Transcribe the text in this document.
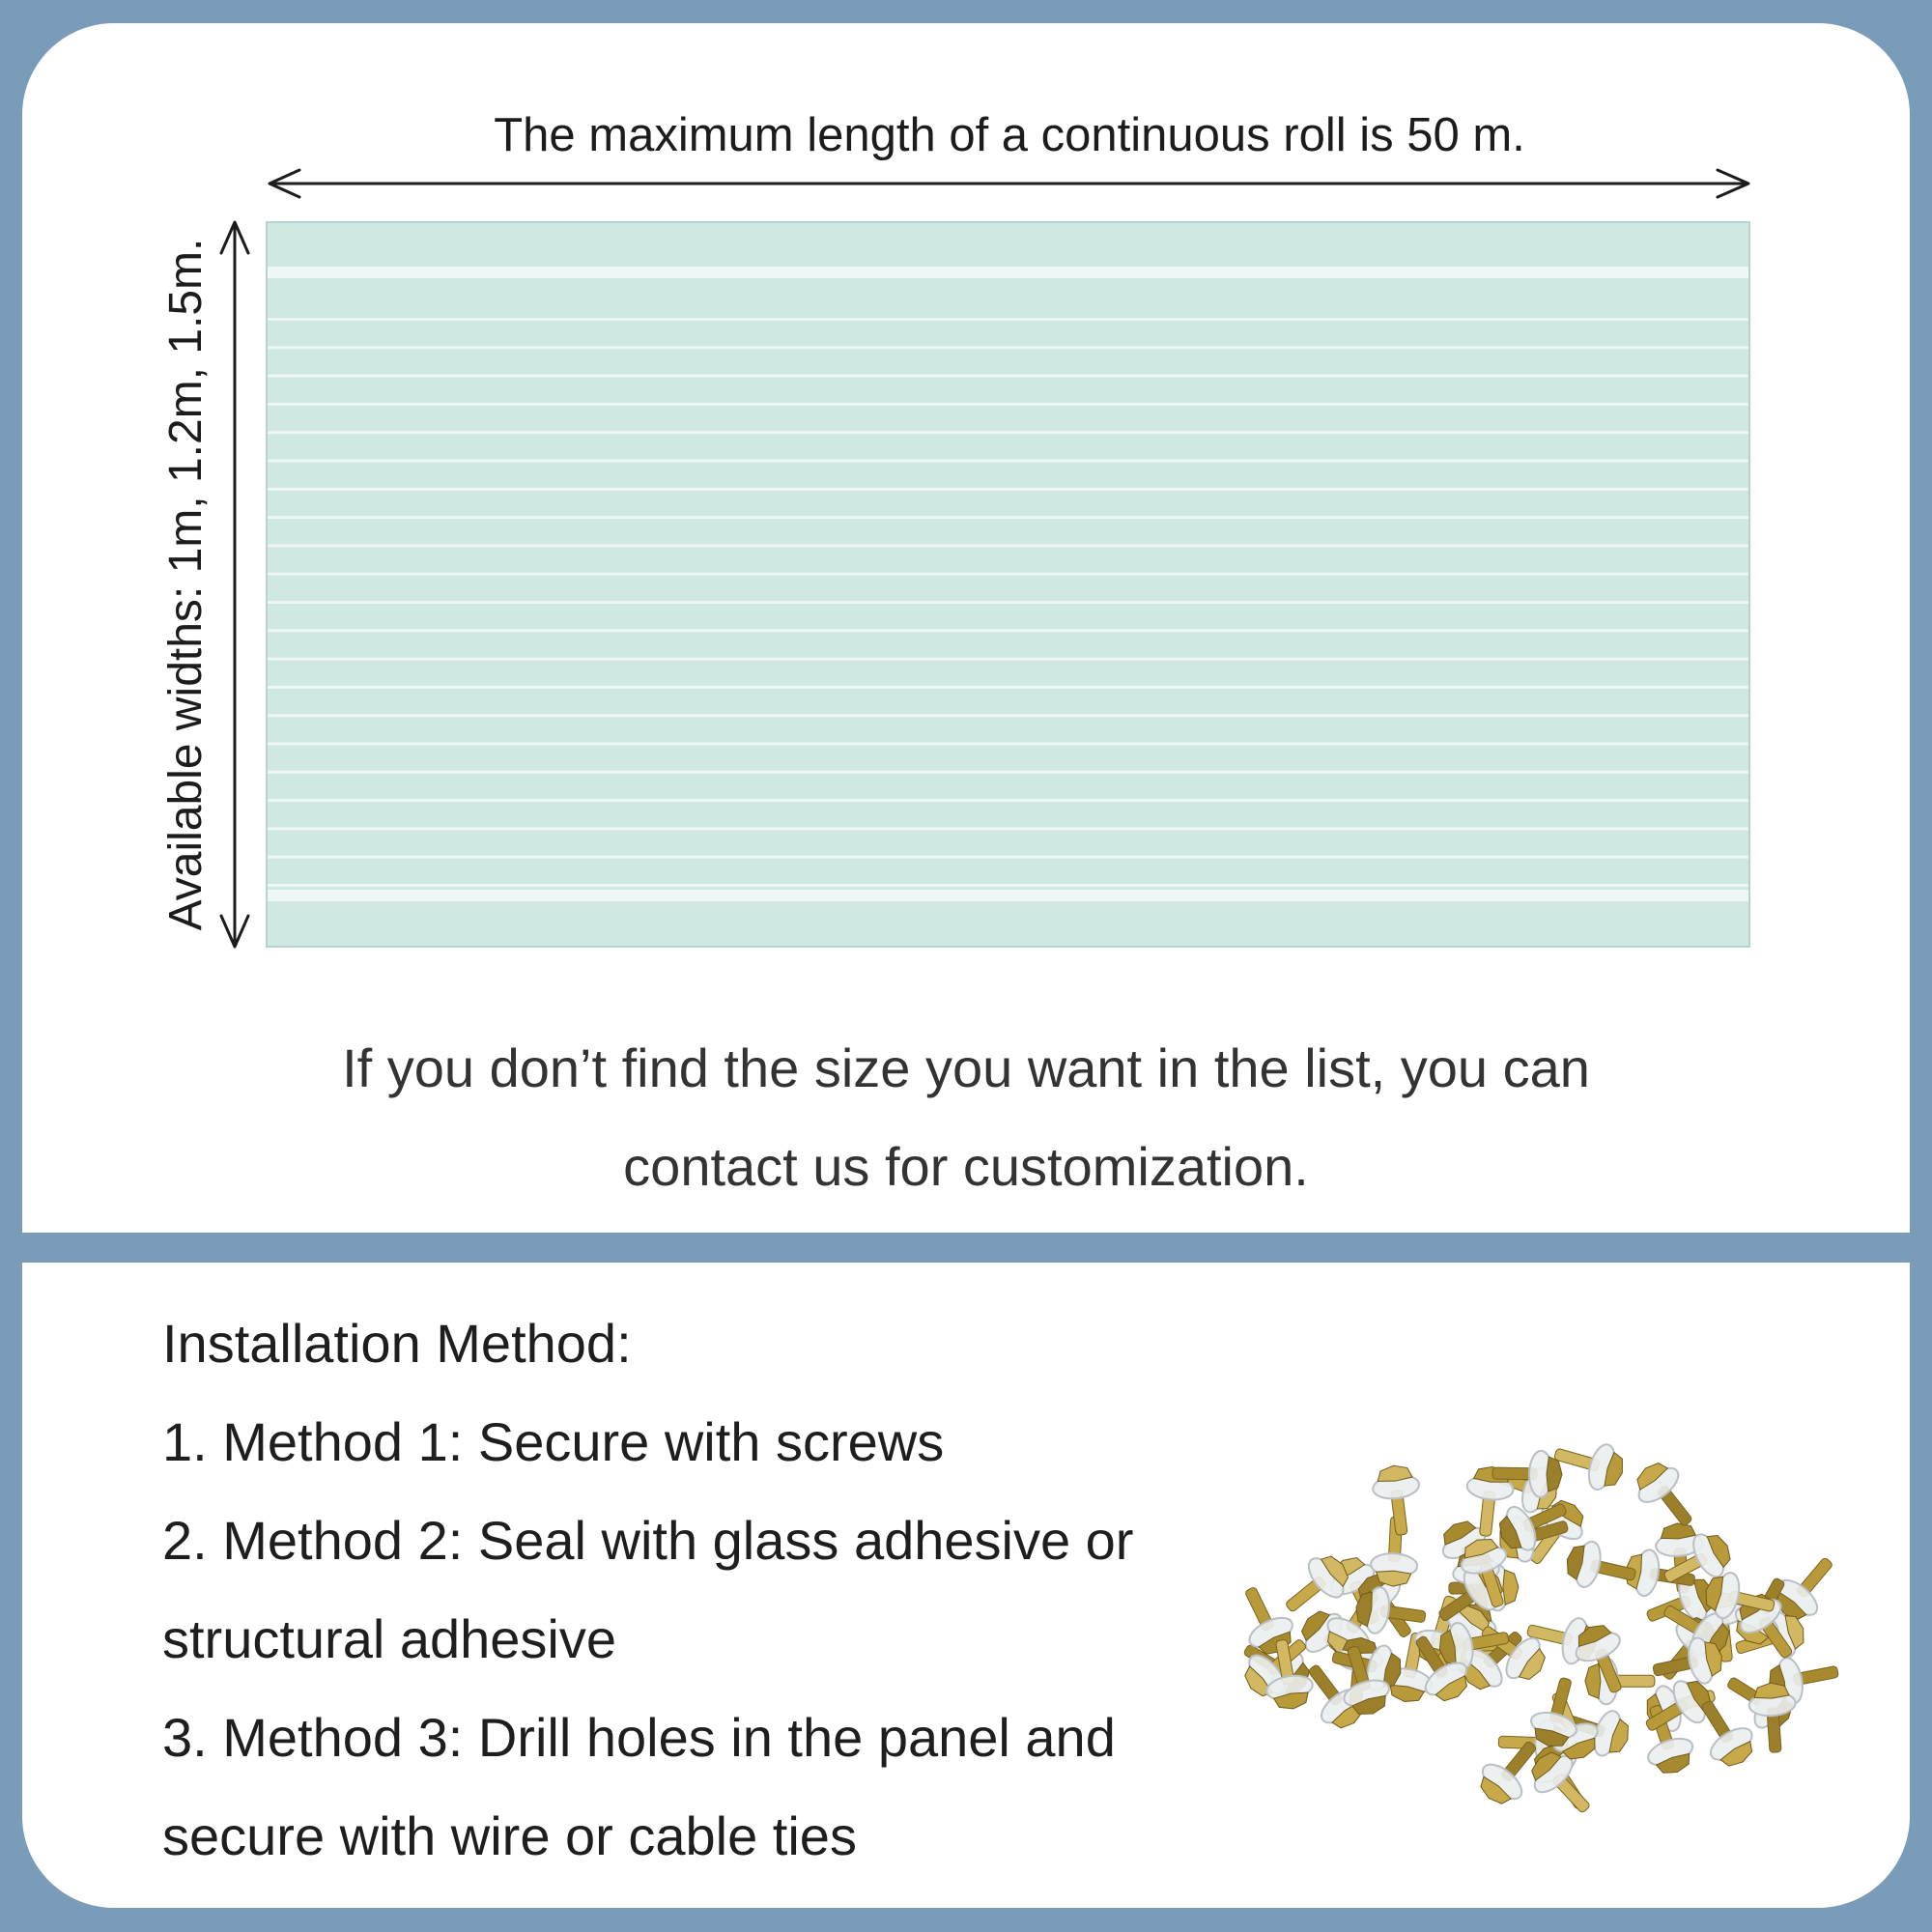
The maximum length of a continuous roll is 50 m.
Available widths: 1m, 1.2m, 1.5m.
If you don’t find the size you want in the list, you can
contact us for customization.
Installation Method:
1. Method 1: Secure with screws
2. Method 2: Seal with glass adhesive or
structural adhesive
3. Method 3: Drill holes in the panel and
secure with wire or cable ties
